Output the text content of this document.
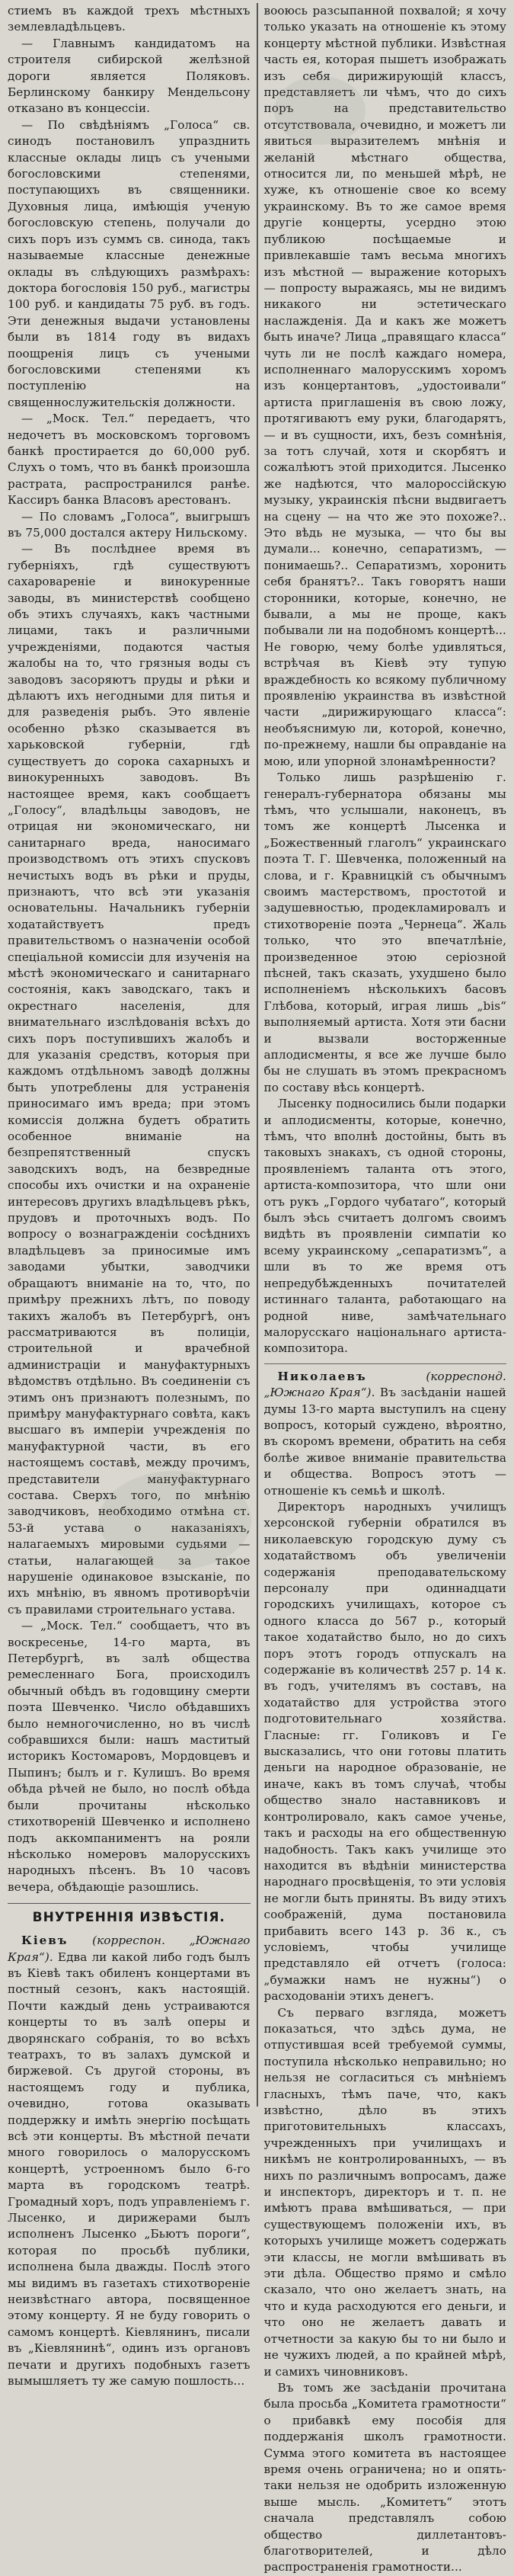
стиемъ въ каждой трехъ мѣстныхъ землевладѣльцевъ.

— Главнымъ кандидатомъ на строителя сибирской желѣзной дороги является Поляковъ. Берлинскому банкиру Мендельсону отказано въ концессіи.

— По свѣдѣніямъ „Голоса“ св. синодъ постановилъ упразднить классные оклады лицъ съ учеными богословскими степенями, поступающихъ въ священники. Духовныя лица, имѣющія ученую богословскую степень, получали до сихъ поръ изъ суммъ св. синода, такъ называемые классные денежные оклады въ слѣдующихъ размѣрахъ: доктора богословія 150 руб., магистры 100 руб. и кандидаты 75 руб. въ годъ. Эти денежныя выдачи установлены были въ 1814 году въ видахъ поощренія лицъ съ учеными богословскими степенями къ поступленію на священнослужительскія должности.

— „Моск. Тел.“ передаетъ, что недочетъ въ московскомъ торговомъ банкѣ простирается до 60,000 руб. Слухъ о томъ, что въ банкѣ произошла растрата, распространился ранѣе. Кассиръ банка Власовъ арестованъ.

— По словамъ „Голоса“, выигрышъ въ 75,000 достался актеру Нильскому.

— Въ послѣднее время въ губерніяхъ, гдѣ существуютъ сахаровареніе и винокуренные заводы, въ министерствѣ сообщено объ этихъ случаяхъ, какъ частными лицами, такъ и различными учрежденіями, подаются частыя жалобы на то, что грязныя воды съ заводовъ засоряютъ пруды и рѣки и дѣлаютъ ихъ негодными для питья и для разведенія рыбъ. Это явленіе особенно рѣзко сказывается въ харьковской губерніи, гдѣ существуетъ до сорока сахарныхъ и винокуренныхъ заводовъ. Въ настоящее время, какъ сообщаетъ „Голосу“, владѣльцы заводовъ, не отрицая ни экономическаго, ни санитарнаго вреда, наносимаго производствомъ отъ этихъ спусковъ нечистыхъ водъ въ рѣки и пруды, признаютъ, что всѣ эти указанія основательны. Начальникъ губерніи ходатайствуетъ предъ правительствомъ о назначеніи особой спеціальной комиссіи для изученія на мѣстѣ экономическаго и санитарнаго состоянія, какъ заводскаго, такъ и окрестнаго населенія, для внимательнаго изслѣдованія всѣхъ до сихъ поръ поступившихъ жалобъ и для указанія средствъ, которыя при каждомъ отдѣльномъ заводѣ должны быть употреблены для устраненія приносимаго имъ вреда; при этомъ комиссія должна будетъ обратить особенное вниманіе на безпрепятственный спускъ заводскихъ водъ, на безвредные способы ихъ очистки и на охраненіе интересовъ другихъ владѣльцевъ рѣкъ, прудовъ и проточныхъ водъ. По вопросу о вознагражденіи сосѣднихъ владѣльцевъ за приносимые имъ заводами убытки, заводчики обращаютъ вниманіе на то, что, по примѣру прежнихъ лѣтъ, по поводу такихъ жалобъ въ Петербургѣ, онъ рассматриваются въ полиціи, строительной и врачебной администраціи и мануфактурныхъ вѣдомствъ отдѣльно. Въ соединеніи съ этимъ онъ признаютъ полезнымъ, по примѣру мануфактурнаго совѣта, какъ высшаго въ имперіи учрежденія по мануфактурной части, въ его настоящемъ составѣ, между прочимъ, представители мануфактурнаго состава. Сверхъ того, по мнѣнію заводчиковъ, необходимо отмѣна ст. 53-й устава о наказаніяхъ, налагаемыхъ мировыми судьями — статьи, налагающей за такое нарушеніе одинаковое взысканіе, по ихъ мнѣнію, въ явномъ противорѣчіи съ правилами строительнаго устава.

— „Моск. Тел.“ сообщаетъ, что въ воскресенье, 14-го марта, въ Петербургѣ, въ залѣ общества ремесленнаго Бога, происходилъ обычный обѣдъ въ годовщину смерти поэта Шевченко. Число обѣдавшихъ было немногочисленно, но въ числѣ собравшихся были: нашъ маститый историкъ Костомаровъ, Мордовцевъ и Пыпинъ; былъ и г. Кулишъ. Во время обѣда рѣчей не было, но послѣ обѣда были прочитаны нѣсколько стихотвореній Шевченко и исполнено подъ аккомпаниментъ на рояли нѣсколько номеровъ малорусскихъ народныхъ пѣсенъ. Въ 10 часовъ вечера, обѣдающіе разошлись.

ВНУТРЕННІЯ ИЗВѢСТІЯ.

Кіевъ (корреспон. „Южнаго Края“). Едва ли какой либо годъ былъ въ Кіевѣ такъ обиленъ концертами въ постный сезонъ, какъ настоящій. Почти каждый день устраиваются концерты то въ залѣ оперы и дворянскаго собранія, то во всѣхъ театрахъ, то въ залахъ думской и биржевой. Съ другой стороны, въ настоящемъ году и публика, очевидно, готова оказывать поддержку и имѣть энергію посѣщать всѣ эти концерты. Въ мѣстной печати много говорилось о малорусскомъ концертѣ, устроенномъ было 6-го марта въ городскомъ театрѣ. Громадный хоръ, подъ управленіемъ г. Лысенко, и дирижерами былъ исполненъ Лысенко „Бьютъ пороги“, которая по просьбѣ публики, исполнена была дважды. Послѣ этого мы видимъ въ газетахъ стихотвореніе неизвѣстнаго автора, посвященное этому концерту. Я не буду говорить о самомъ концертѣ. Кіевлянинъ, писали въ „Кіевлянинѣ“, одинъ изъ органовъ печати и другихъ подобныхъ газетъ вымышляетъ ту же самую пошлость...

вооюсь разсыпанной похвалой; я хочу только указать на отношеніе къ этому концерту мѣстной публики. Извѣстная часть ея, которая пышетъ изображать изъ себя дирижирующій классъ, представляетъ ли чѣмъ, что до сихъ поръ на представительство отсутствовала, очевидно, и можетъ ли явиться выразителемъ мнѣнія и желаній мѣстнаго общества, относится ли, по меньшей мѣрѣ, не хуже, къ отношеніе свое ко всему украинскому. Въ то же самое время другіе концерты, усердно этою публикою посѣщаемые и привлекавшіе тамъ весьма многихъ изъ мѣстной — выражение которыхъ — попросту выражаясь, мы не видимъ никакого ни эстетическаго наслажденія. Да и какъ же можетъ быть иначе? Лица „правящаго класса“ чуть ли не послѣ каждаго номера, исполненнаго малорусскимъ хоромъ изъ концертантовъ, „удостоивали“ артиста приглашенія въ свою ложу, протягиваютъ ему руки, благодарятъ, — и въ сущности, ихъ, безъ сомнѣнія, за тотъ случай, хотя и скорбятъ и сожалѣютъ этой приходится. Лысенко же надѣются, что малороссійскую музыку, украинскія пѣсни выдвигаетъ на сцену — на что же это похоже?.. Это вѣдь не музыка, — что бы вы думали... конечно, сепаратизмъ, — понимаешь?.. Сепаратизмъ, хоронить себя бранятъ?.. Такъ говорятъ наши сторонники, которые, конечно, не бывали, а мы не проще, какъ побывали ли на подобномъ концертѣ... Не говорю, чему болѣе удивляться, встрѣчая въ Кіевѣ эту тупую враждебность ко всякому публичному проявленію украинства въ извѣстной части „дирижирующаго класса“: необъяснимую ли, которой, конечно, по-прежнему, нашли бы оправданіе на мою, или упорной злонамѣренности?

Только лишь разрѣшенію г. генералъ-губернатора обязаны мы тѣмъ, что услышали, наконецъ, въ томъ же концертѣ Лысенка и „Божественный глаголъ“ украинскаго поэта Т. Г. Шевченка, положенный на слова, и г. Кравницкій съ обычнымъ своимъ мастерствомъ, простотой и задушевностью, продекламировалъ и стихотвореніе поэта „Чернеца“. Жаль только, что это впечатлѣніе, произведенное этою серіозной пѣсней, такъ сказать, ухудшено было исполненіемъ нѣсколькихъ басовъ Глѣбова, который, играя лишь „bis“ выполняемый артиста. Хотя эти басни и вызвали восторженные аплодисменты, я все же лучше было бы не слушать въ этомъ прекрасномъ по составу вѣсь концертѣ.

Лысенку подносились были подарки и аплодисменты, которые, конечно, тѣмъ, что вполнѣ достойны, быть въ таковыхъ знакахъ, съ одной стороны, проявленіемъ таланта отъ этого, артиста-композитора, что шли они отъ рукъ „Гордого чубатаго“, который былъ эѣсь считаетъ долгомъ своимъ видѣть въ проявленіи симпатіи ко всему украинскому „сепаратизмъ“, а шли въ то же время отъ непредубѣжденныхъ почитателей истиннаго таланта, работающаго на родной ниве, замѣчательнаго малорусскаго національнаго артиста-композитора.

Николаевъ	(корреспонд. „Южнаго Края“). Въ засѣданіи нашей думы 13-го марта выступилъ на сцену вопросъ, который суждено, вѣроятно, въ скоромъ времени, обратить на себя болѣе живое вниманіе правительства и общества. Вопросъ этотъ — отношеніе къ семьѣ и школѣ.

Директоръ народныхъ училищъ херсонской губерніи обратился въ николаевскую городскую думу съ ходатайствомъ объ увеличеніи содержанія преподавательскому персоналу при одиннадцати городскихъ училищахъ, которое съ одного класса до 567 р., который такое ходатайство было, но до сихъ поръ этотъ городъ отпускалъ на содержаніе въ количествѣ 257 р. 14 к. въ годъ, учителямъ въ составъ, на ходатайство для устройства этого подготовительнаго хозяйства. Гласные: гг. Голиковъ и Ге высказались, что они готовы платить деньги на народное образованіе, не иначе, какъ въ томъ случаѣ, чтобы общество знало наставниковъ и контролировало, какъ самое ученье, такъ и расходы на его общественную надобность. Такъ какъ училище это находится въ вѣдѣніи министерства народнаго просвѣщенія, то эти условія не могли быть приняты. Въ виду этихъ соображеній, дума постановила прибавить всего 143 р. 36 к., съ условіемъ, чтобы училище представляло ей отчетъ (голоса: „бумажки намъ не нужны“) о расходованіи этихъ денегъ.

Съ перваго взгляда, можетъ показаться, что здѣсь дума, не отпустившая всей требуемой суммы, поступила нѣсколько неправильно; но нельзя не согласиться съ мнѣніемъ гласныхъ, тѣмъ паче, что, какъ извѣстно, дѣло въ этихъ приготовительныхъ классахъ, учрежденныхъ при училищахъ и никѣмъ не контролированныхъ, — въ нихъ по различнымъ вопросамъ, даже и инспекторъ, директоръ и т. п. не имѣютъ права вмѣшиваться, — при существующемъ положеніи ихъ, въ которыхъ училище можетъ содержать эти классы, не могли вмѣшивать въ эти дѣла. Общество прямо и смѣло сказало, что оно желаетъ знать, на что и куда расходуются его деньги, и что оно не желаетъ давать и отчетности за какую бы то ни было и не чужихъ людей, а по крайней мѣрѣ, и самихъ чиновниковъ.

Въ томъ же засѣданіи прочитана была просьба „Комитета грамотности“ о прибавкѣ ему пособія для поддержанія школъ грамотности. Сумма этого комитета въ настоящее время очень ограничена; но и опять-таки нельзя не одобрить изложенную выше мысль. „Комитетъ“ этотъ сначала представлялъ собою общество диллетантовъ-благотворителей, и дѣло распространенія грамотности...
